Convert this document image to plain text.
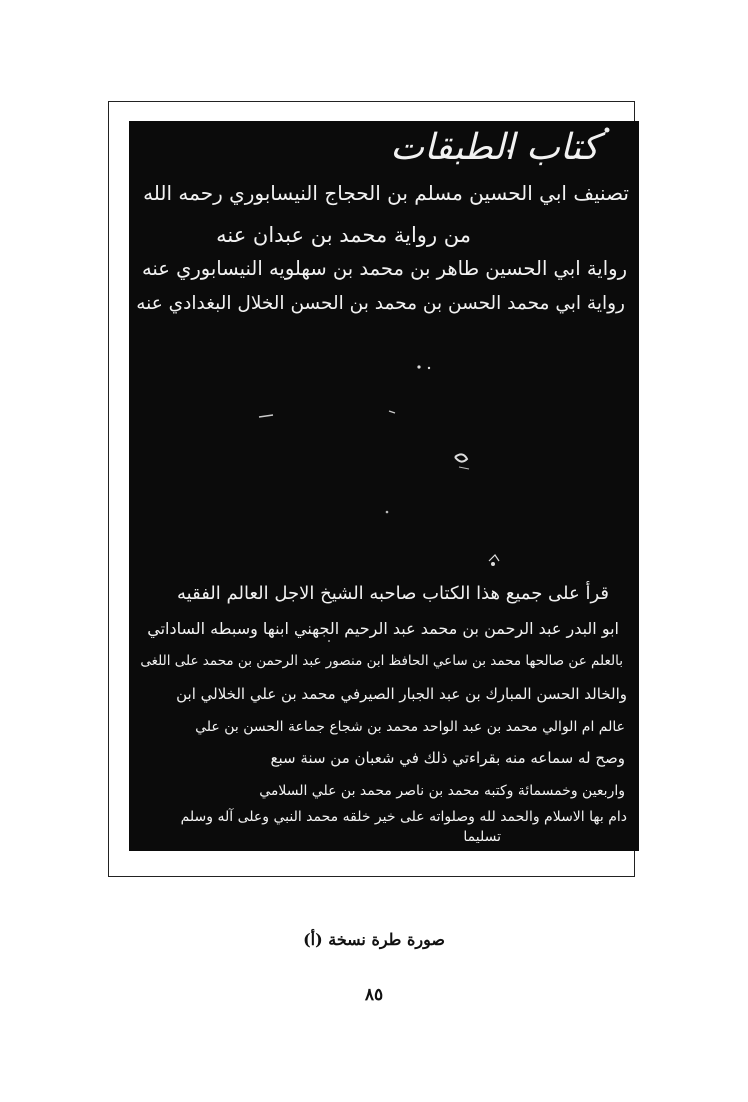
كتاب الطبقات
تصنيف ابي الحسين مسلم بن الحجاج النيسابوري رحمه الله
من رواية محمد بن عبدان عنه
رواية ابي الحسين طاهر بن محمد بن سهلويه النيسابوري عنه
رواية ابي محمد الحسن بن محمد بن الحسن الخلال البغدادي عنه
قرأ على جميع هذا الكتاب صاحبه الشيخ الاجل العالم الفقيه
ابو البدر عبد الرحمن بن محمد عبد الرحيم الجهني ابنها وسبطه الساداتي
بالعلم عن صالحها محمد بن ساعي الحافظ ابن منصور عبد الرحمن بن محمد على اللغى
والخالد الحسن المبارك بن عبد الجبار الصيرفي محمد بن علي الخلالي ابن
عالم ام الوالي محمد بن عبد الواحد محمد بن شجاع جماعة الحسن بن علي
وصح له سماعه منه بقراءتي ذلك في شعبان من سنة سبع
واربعين وخمسمائة وكتبه محمد بن ناصر محمد بن علي السلامي
دام بها الاسلام والحمد لله وصلواته على خير خلقه محمد النبي وعلى آله وسلم
تسليما
صورة طرة نسخة (أ)
٨٥
